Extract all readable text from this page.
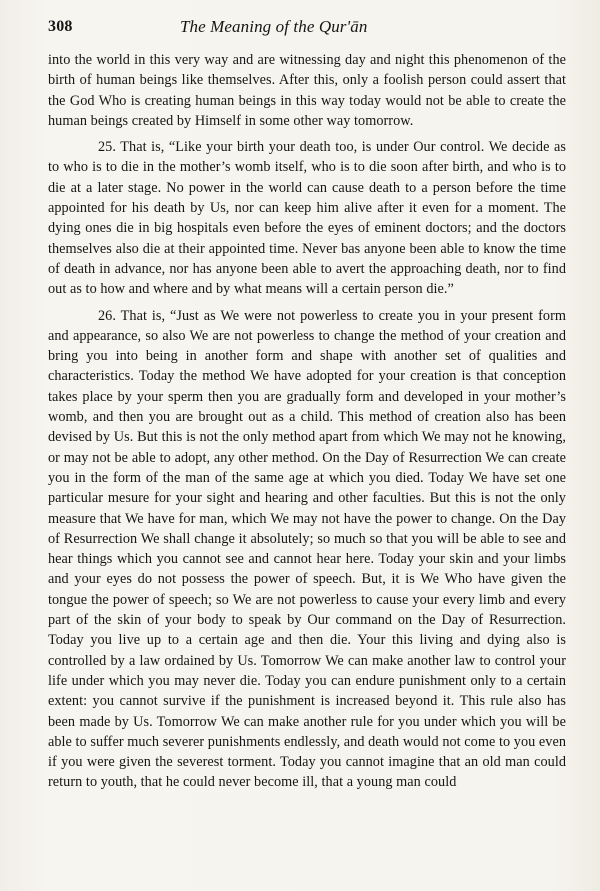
308	The Meaning of the Qur'ān

into the world in this very way and are witnessing day and night this phenomenon of the birth of human beings like themselves. After this, only a foolish person could assert that the God Who is creating human beings in this way today would not be able to create the human beings created by Himself in some other way tomorrow.

25. That is, “Like your birth your death too, is under Our control. We decide as to who is to die in the mother’s womb itself, who is to die soon after birth, and who is to die at a later stage. No power in the world can cause death to a person before the time appointed for his death by Us, nor can keep him alive after it even for a moment. The dying ones die in big hospitals even before the eyes of eminent doctors; and the doctors themselves also die at their appointed time. Never bas anyone been able to know the time of death in advance, nor has anyone been able to avert the approaching death, nor to find out as to how and where and by what means will a certain person die.”

26. That is, “Just as We were not powerless to create you in your present form and appearance, so also We are not powerless to change the method of your creation and bring you into being in another form and shape with another set of qualities and characteristics. Today the method We have adopted for your creation is that conception takes place by your sperm then you are gradually form and developed in your mother’s womb, and then you are brought out as a child. This method of creation also has been devised by Us. But this is not the only method apart from which We may not he knowing, or may not be able to adopt, any other method. On the Day of Resurrection We can create you in the form of the man of the same age at which you died. Today We have set one particular mesure for your sight and hearing and other faculties. But this is not the only measure that We have for man, which We may not have the power to change. On the Day of Resurrection We shall change it absolutely; so much so that you will be able to see and hear things which you cannot see and cannot hear here. Today your skin and your limbs and your eyes do not possess the power of speech. But, it is We Who have given the tongue the power of speech; so We are not powerless to cause your every limb and every part of the skin of your body to speak by Our command on the Day of Resurrection. Today you live up to a certain age and then die. Your this living and dying also is controlled by a law ordained by Us. Tomorrow We can make another law to control your life under which you may never die. Today you can endure punishment only to a certain extent: you cannot survive if the punishment is increased beyond it. This rule also has been made by Us. Tomorrow We can make another rule for you under which you will be able to suffer much severer punishments endlessly, and death would not come to you even if you were given the severest torment. Today you cannot imagine that an old man could return to youth, that he could never become ill, that a young man could
